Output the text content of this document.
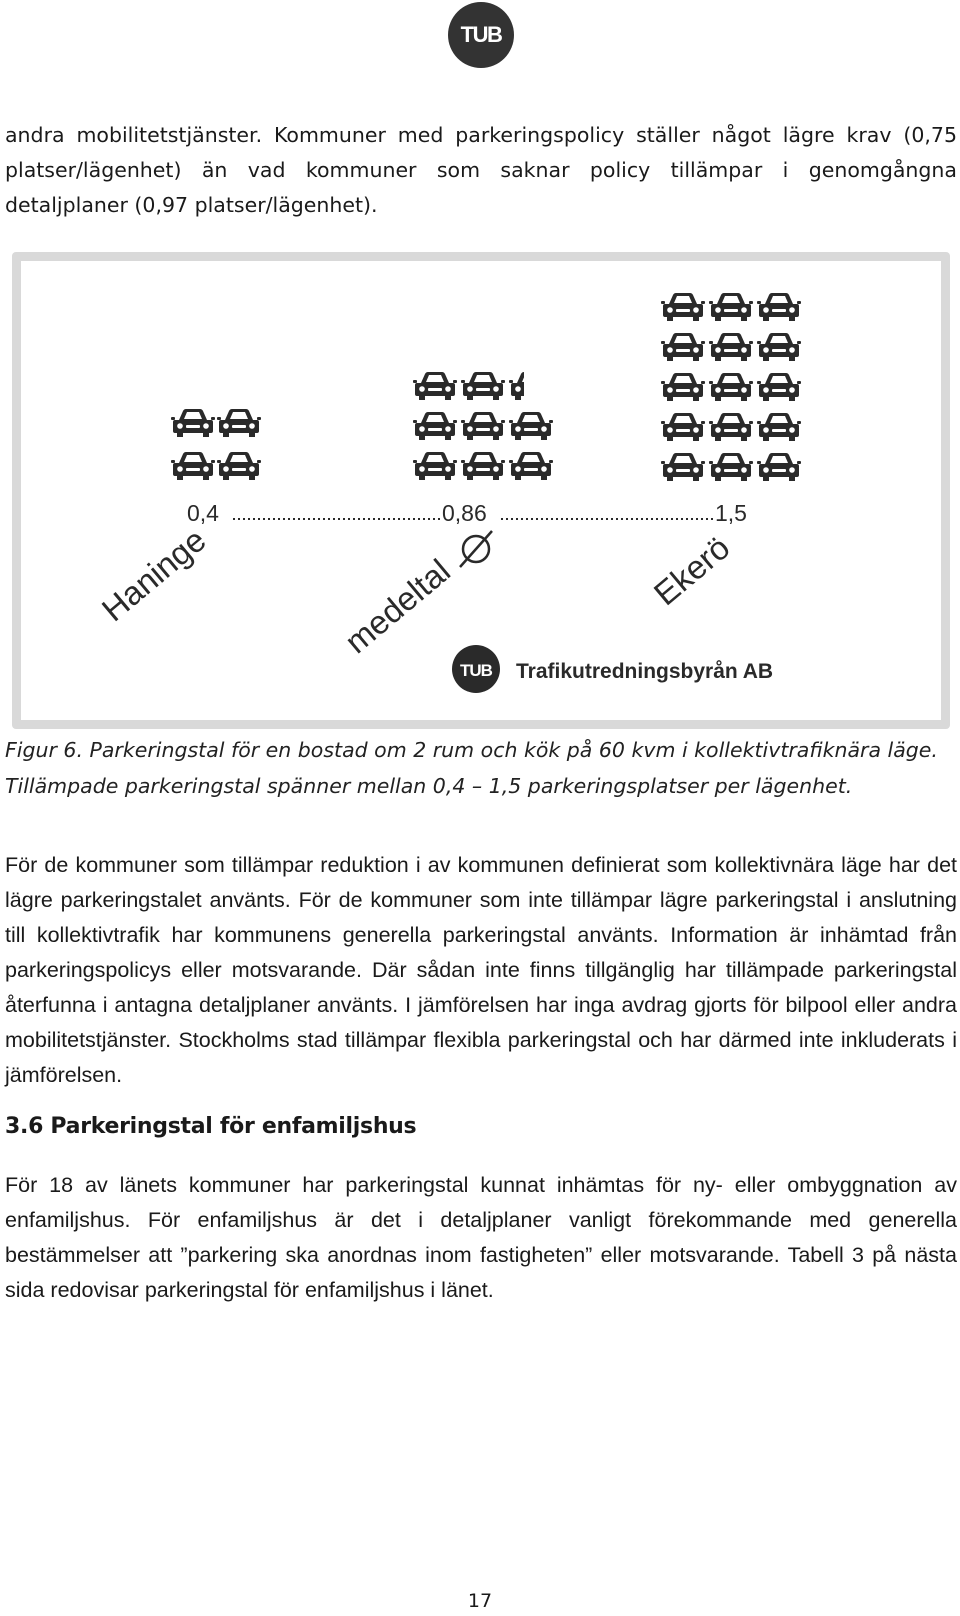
TUB

andra mobilitetstjänster. Kommuner med parkeringspolicy ställer något lägre krav (0,75 platser/lägenhet) än vad kommuner som saknar policy tillämpar i genomgångna detaljplaner (0,97 platser/lägenhet).

0,4	0,86	1,5
Haninge	medeltal	Ekerö
TUB Trafikutredningsbyrån AB

Figur 6. Parkeringstal för en bostad om 2 rum och kök på 60 kvm i kollektivtrafiknära läge.

Tillämpade parkeringstal spänner mellan 0,4 – 1,5 parkeringsplatser per lägenhet.

För de kommuner som tillämpar reduktion i av kommunen definierat som kollektivnära läge har det lägre parkeringstalet använts. För de kommuner som inte tillämpar lägre parkeringstal i anslutning till kollektivtrafik har kommunens generella parkeringstal använts. Information är inhämtad från parkeringspolicys eller motsvarande. Där sådan inte finns tillgänglig har tillämpade parkeringstal återfunna i antagna detaljplaner använts. I jämförelsen har inga avdrag gjorts för bilpool eller andra mobilitetstjänster. Stockholms stad tillämpar flexibla parkeringstal och har därmed inte inkluderats i jämförelsen.

3.6 Parkeringstal för enfamiljshus

För 18 av länets kommuner har parkeringstal kunnat inhämtas för ny- eller ombyggnation av enfamiljshus. För enfamiljshus är det i detaljplaner vanligt förekommande med generella bestämmelser att ”parkering ska anordnas inom fastigheten” eller motsvarande. Tabell 3 på nästa sida redovisar parkeringstal för enfamiljshus i länet.

17
